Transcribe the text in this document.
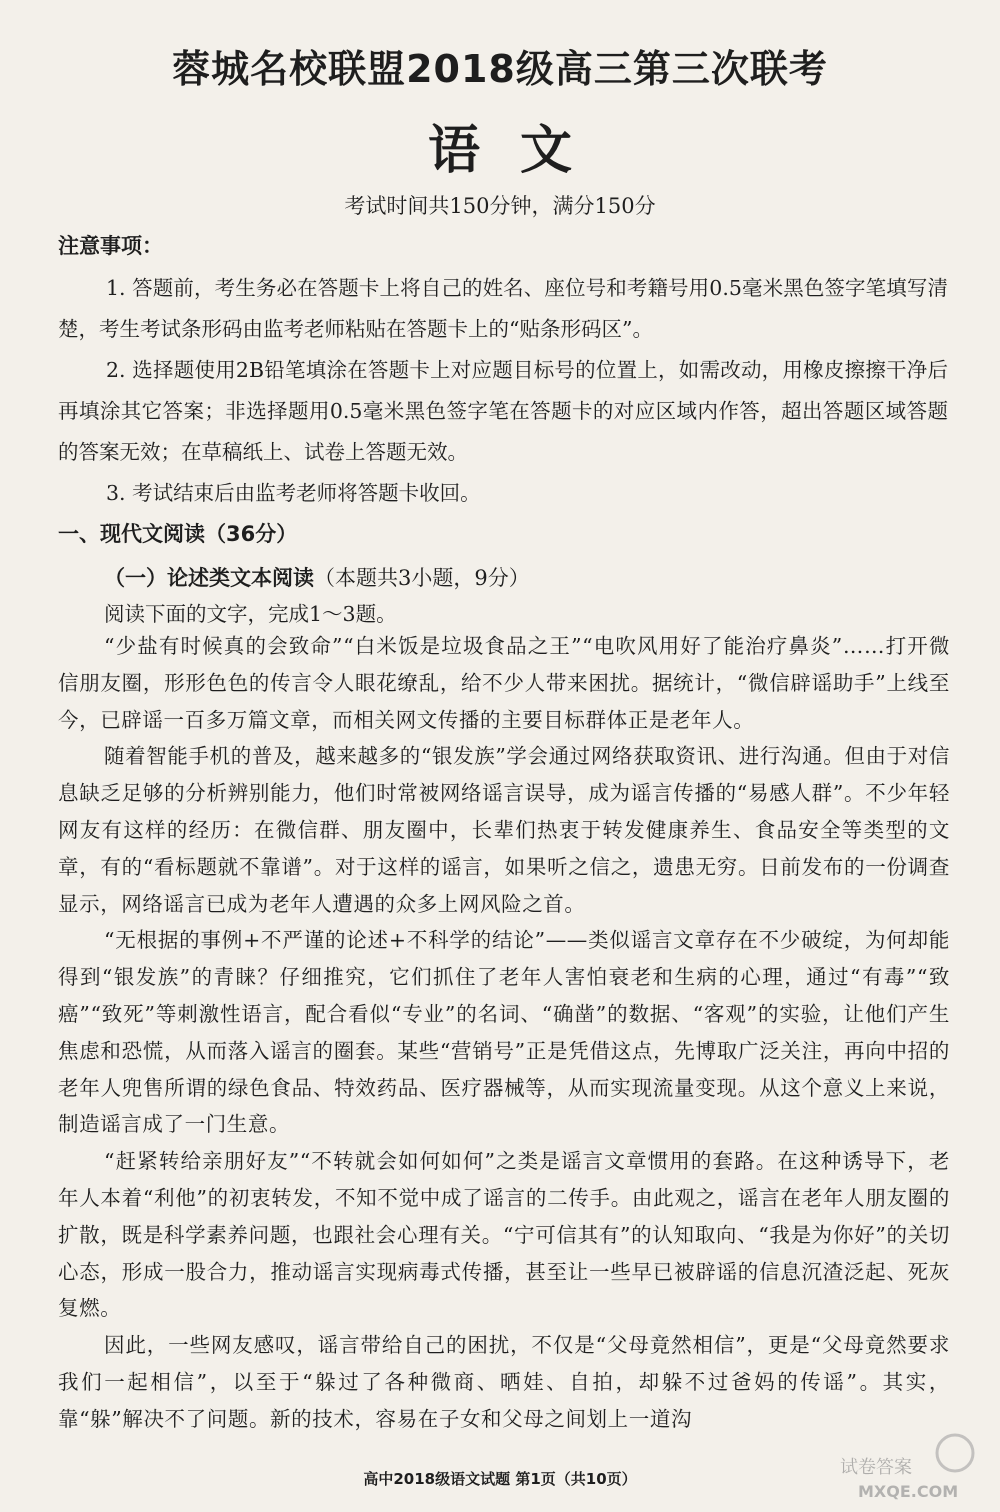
蓉城名校联盟2018级高三第三次联考
语文
考试时间共150分钟，满分150分
注意事项：

1. 答题前，考生务必在答题卡上将自己的姓名、座位号和考籍号用0.5毫米黑色签字笔填写清楚，考生考试条形码由监考老师粘贴在答题卡上的“贴条形码区”。

2. 选择题使用2B铅笔填涂在答题卡上对应题目标号的位置上，如需改动，用橡皮擦擦干净后再填涂其它答案；非选择题用0.5毫米黑色签字笔在答题卡的对应区域内作答，超出答题区域答题的答案无效；在草稿纸上、试卷上答题无效。

3. 考试结束后由监考老师将答题卡收回。

一、现代文阅读（36分）
（一）论述类文本阅读（本题共3小题，9分）
阅读下面的文字，完成1～3题。

“少盐有时候真的会致命”“白米饭是垃圾食品之王”“电吹风用好了能治疗鼻炎”……打开微信朋友圈，形形色色的传言令人眼花缭乱，给不少人带来困扰。据统计，“微信辟谣助手”上线至今，已辟谣一百多万篇文章，而相关网文传播的主要目标群体正是老年人。

随着智能手机的普及，越来越多的“银发族”学会通过网络获取资讯、进行沟通。但由于对信息缺乏足够的分析辨别能力，他们时常被网络谣言误导，成为谣言传播的“易感人群”。不少年轻网友有这样的经历：在微信群、朋友圈中，长辈们热衷于转发健康养生、食品安全等类型的文章，有的“看标题就不靠谱”。对于这样的谣言，如果听之信之，遗患无穷。日前发布的一份调查显示，网络谣言已成为老年人遭遇的众多上网风险之首。

“无根据的事例+不严谨的论述+不科学的结论”——类似谣言文章存在不少破绽，为何却能得到“银发族”的青睐？仔细推究，它们抓住了老年人害怕衰老和生病的心理，通过“有毒”“致癌”“致死”等刺激性语言，配合看似“专业”的名词、“确凿”的数据、“客观”的实验，让他们产生焦虑和恐慌，从而落入谣言的圈套。某些“营销号”正是凭借这点，先博取广泛关注，再向中招的老年人兜售所谓的绿色食品、特效药品、医疗器械等，从而实现流量变现。从这个意义上来说，制造谣言成了一门生意。

“赶紧转给亲朋好友”“不转就会如何如何”之类是谣言文章惯用的套路。在这种诱导下，老年人本着“利他”的初衷转发，不知不觉中成了谣言的二传手。由此观之，谣言在老年人朋友圈的扩散，既是科学素养问题，也跟社会心理有关。“宁可信其有”的认知取向、“我是为你好”的关切心态，形成一股合力，推动谣言实现病毒式传播，甚至让一些早已被辟谣的信息沉渣泛起、死灰复燃。

因此，一些网友感叹，谣言带给自己的困扰，不仅是“父母竟然相信”，更是“父母竟然要求我们一起相信”，以至于“躲过了各种微商、晒娃、自拍，却躲不过爸妈的传谣”。其实，靠“躲”解决不了问题。新的技术，容易在子女和父母之间划上一道沟

高中2018级语文试题 第1页（共10页）
试卷答案
MXQE.COM
